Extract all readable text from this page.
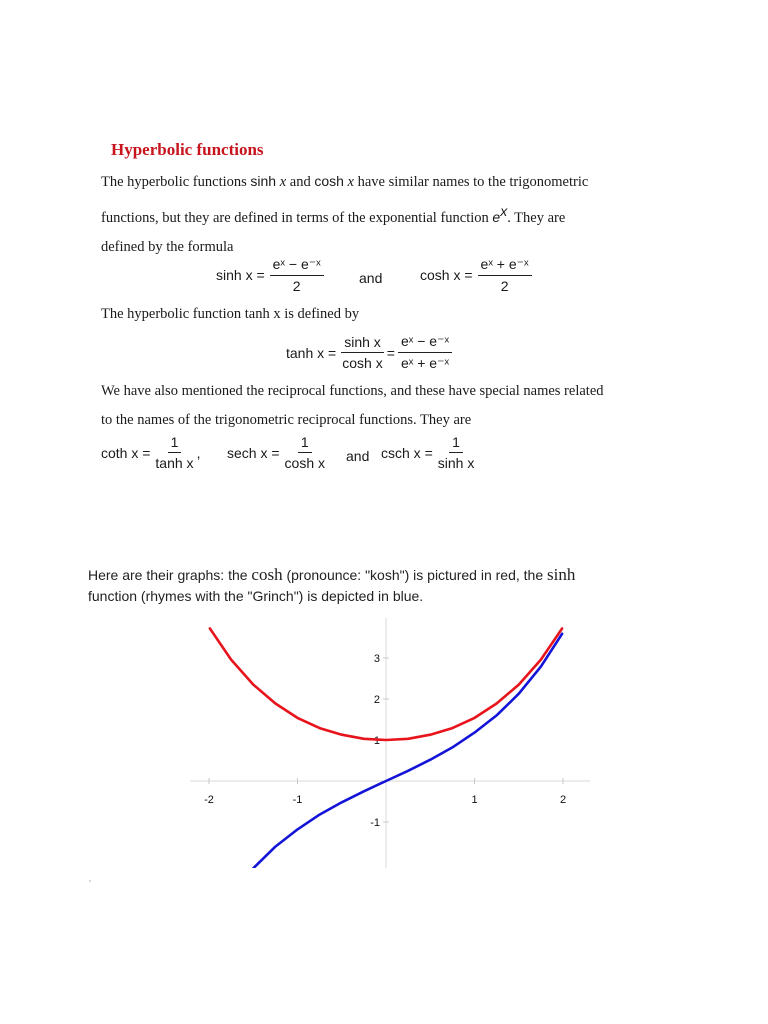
Hyperbolic functions
The hyperbolic functions sinh x and cosh x have similar names to the trigonometric
functions, but they are defined in terms of the exponential function $e^x$. They are
defined by the formula
$\sinh x = \frac{\text{eˣ − e⁻ˣ}}{2}$	and	$\cosh x = \frac{\text{eˣ + e⁻ˣ}}{2}$
The hyperbolic function tanh x is defined by
$\tanh x = \frac{\text{sinh x}}{\text{cosh x}} = \frac{\text{eˣ − e⁻ˣ}}{\text{eˣ + e⁻ˣ}}$
We have also mentioned the reciprocal functions, and these have special names related
to the names of the trigonometric reciprocal functions. They are
coth $x = \frac{1}{\text{tanh x}}$ , sech $x = \frac{1}{\text{cosh x}}$ and csch $x = \frac{1}{\text{sinh x}}$
Here are their graphs: the cosh (pronounce: "kosh") is pictured in red, the sinh
function (rhymes with the "Grinch") is depicted in blue.
-2	-1	1	2
-1
1
2
3
